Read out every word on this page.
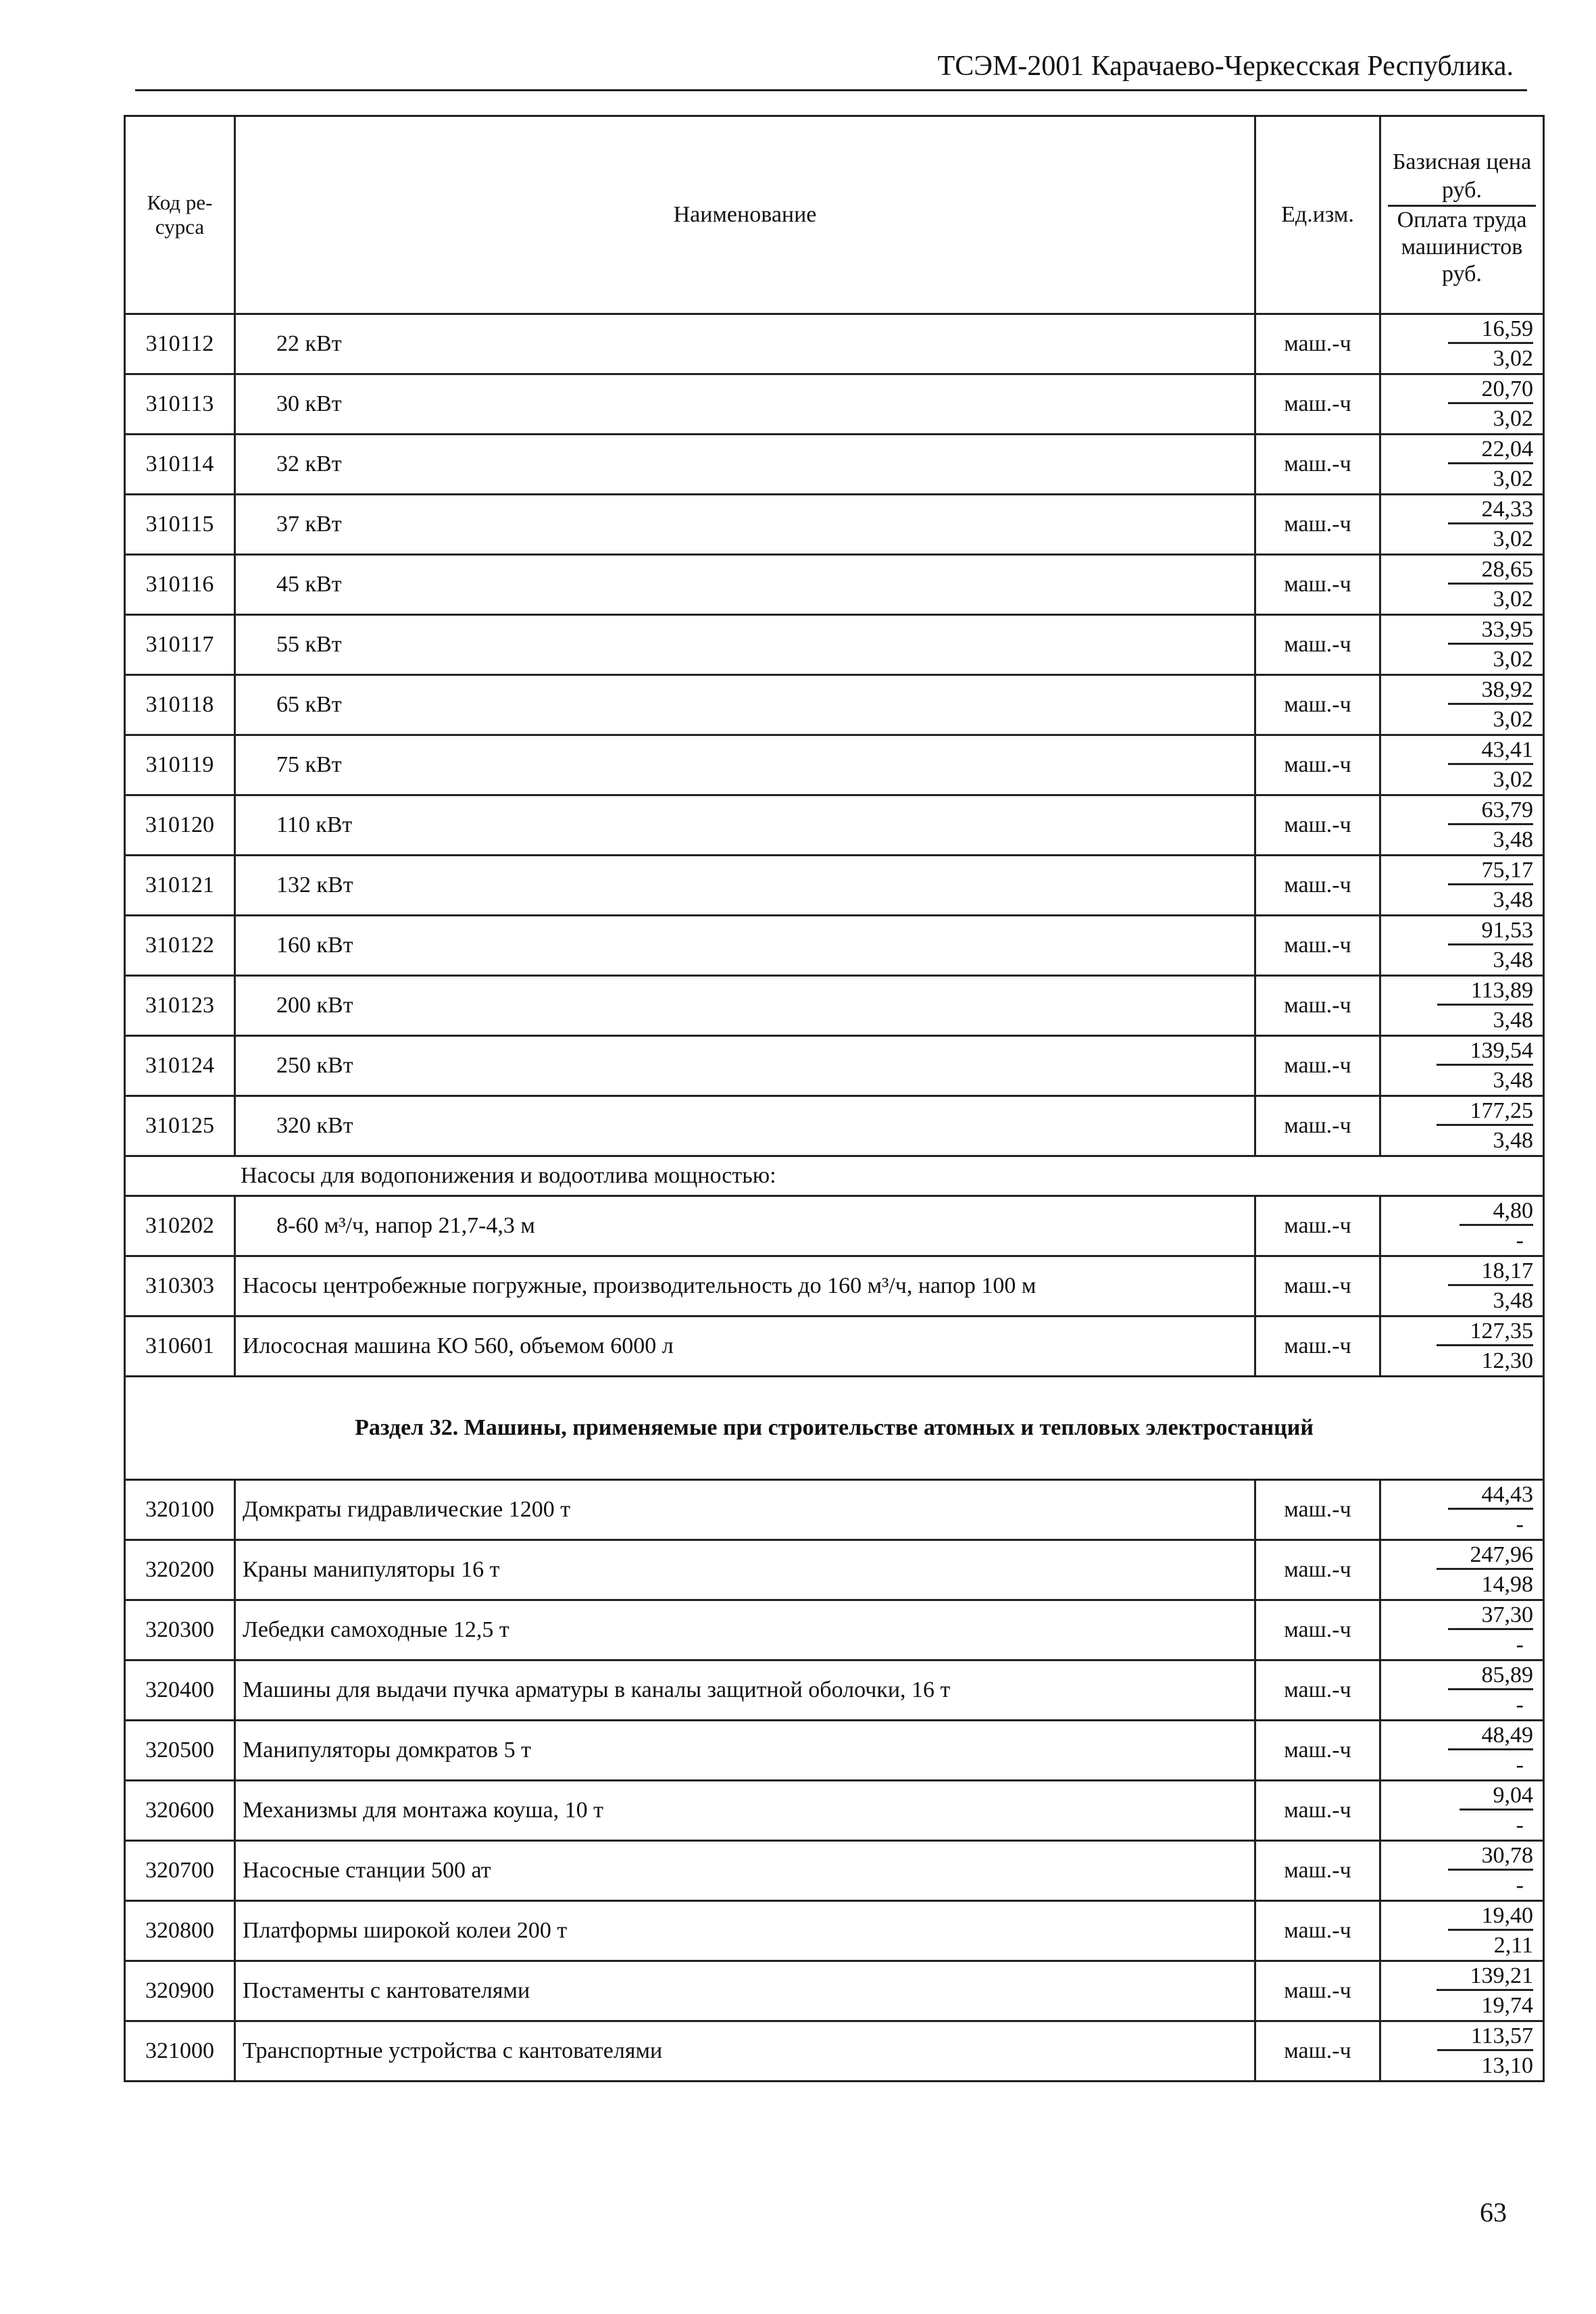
ТСЭМ-2001 Карачаево-Черкесская Республика.
Код ре-сурса	Наименование	Ед.изм.	Базисная цена руб.
Оплата труда машинистов руб.

310112	22 кВт	маш.-ч	16,59
3,02

310113	30 кВт	маш.-ч	20,70
3,02

310114	32 кВт	маш.-ч	22,04
3,02

310115	37 кВт	маш.-ч	24,33
3,02

310116	45 кВт	маш.-ч	28,65
3,02

310117	55 кВт	маш.-ч	33,95
3,02

310118	65 кВт	маш.-ч	38,92
3,02

310119	75 кВт	маш.-ч	43,41
3,02

310120	110 кВт	маш.-ч	63,79
3,48

310121	132 кВт	маш.-ч	75,17
3,48

310122	160 кВт	маш.-ч	91,53
3,48

310123	200 кВт	маш.-ч	113,89
3,48

310124	250 кВт	маш.-ч	139,54
3,48

310125	320 кВт	маш.-ч	177,25
3,48

Насосы для водопонижения и водоотлива мощностью:			
310202	8-60 м³/ч, напор 21,7-4,3 м	маш.-ч	4,80
-

310303	Насосы центробежные погружные, производительность до 160 м³/ч, напор 100 м	маш.-ч	18,17
3,48

310601	Илососная машина КО 560, объемом 6000 л	маш.-ч	127,35
12,30

Раздел 32. Машины, применяемые при строительстве атомных и тепловых электростанций			
320100	Домкраты гидравлические 1200 т	маш.-ч	44,43
-

320200	Краны манипуляторы 16 т	маш.-ч	247,96
14,98

320300	Лебедки самоходные 12,5 т	маш.-ч	37,30
-

320400	Машины для выдачи пучка арматуры в каналы защитной оболочки, 16 т	маш.-ч	85,89
-

320500	Манипуляторы домкратов 5 т	маш.-ч	48,49
-

320600	Механизмы для монтажа коуша, 10 т	маш.-ч	9,04
-

320700	Насосные станции 500 ат	маш.-ч	30,78
-

320800	Платформы широкой колеи 200 т	маш.-ч	19,40
2,11

320900	Постаменты с кантователями	маш.-ч	139,21
19,74

321000	Транспортные устройства с кантователями	маш.-ч	113,57
13,10
63
